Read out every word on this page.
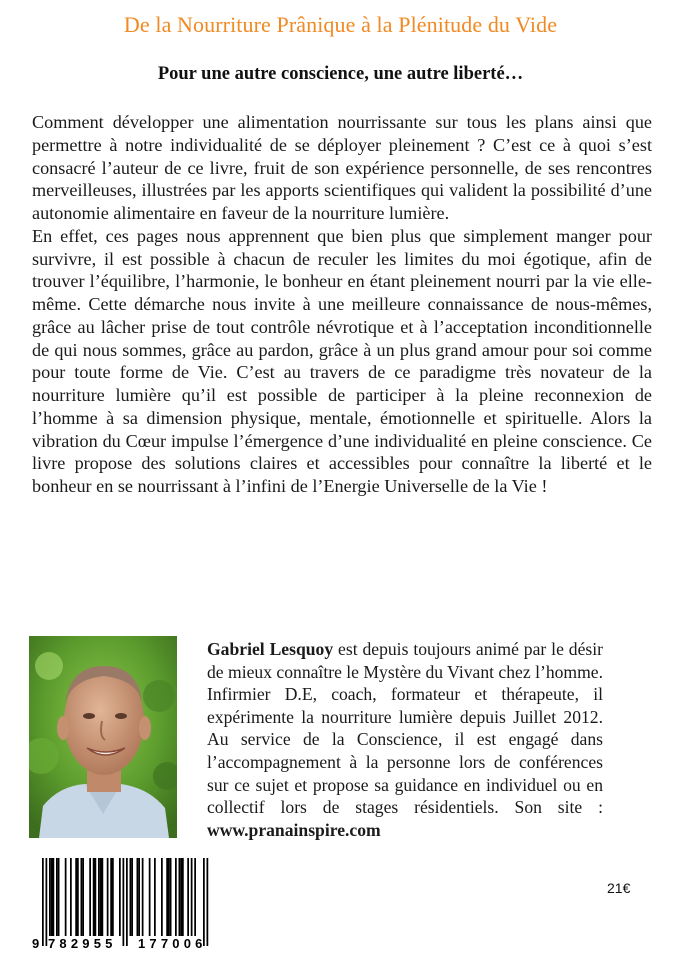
De la Nourriture Prânique à la Plénitude du Vide
Pour une autre conscience, une autre liberté…

Comment développer une alimentation nourrissante sur tous les plans ainsi que permettre à notre individualité de se déployer pleinement ? C’est ce à quoi s’est consacré l’auteur de ce livre, fruit de son expérience personnelle, de ses rencontres merveilleuses, illustrées par les apports scientifiques qui valident la possibilité d’une autonomie alimentaire en faveur de la nourriture lumière.

En effet, ces pages nous apprennent que bien plus que simplement manger pour survivre, il est possible à chacun de reculer les limites du moi égotique, afin de trouver l’équilibre, l’harmonie, le bonheur en étant pleinement nourri par la vie elle-même. Cette démarche nous invite à une meilleure connaissance de nous-mêmes, grâce au lâcher prise de tout contrôle névrotique et à l’acceptation inconditionnelle de qui nous sommes, grâce au pardon, grâce à un plus grand amour pour soi comme pour toute forme de Vie. C’est au travers de ce paradigme très novateur de la nourriture lumière qu’il est possible de participer à la pleine reconnexion de l’homme à sa dimension physique, mentale, émotionnelle et spirituelle. Alors la vibration du Cœur impulse l’émergence d’une individualité en pleine conscience. Ce livre propose des solutions claires et accessibles pour connaître la liberté et le bonheur en se nourrissant à l’infini de l’Energie Universelle de la Vie !

Gabriel Lesquoy est depuis toujours animé par le désir de mieux connaître le Mystère du Vivant chez l’homme. Infirmier D.E, coach, formateur et thérapeute, il expérimente la nourriture lumière depuis Juillet 2012. Au service de la Conscience, il est engagé dans l’accompagnement à la personne lors de conférences sur ce sujet et propose sa guidance en individuel ou en collectif lors de stages résidentiels. Son site : www.pranainspire.com
9 782955 177006
21€
